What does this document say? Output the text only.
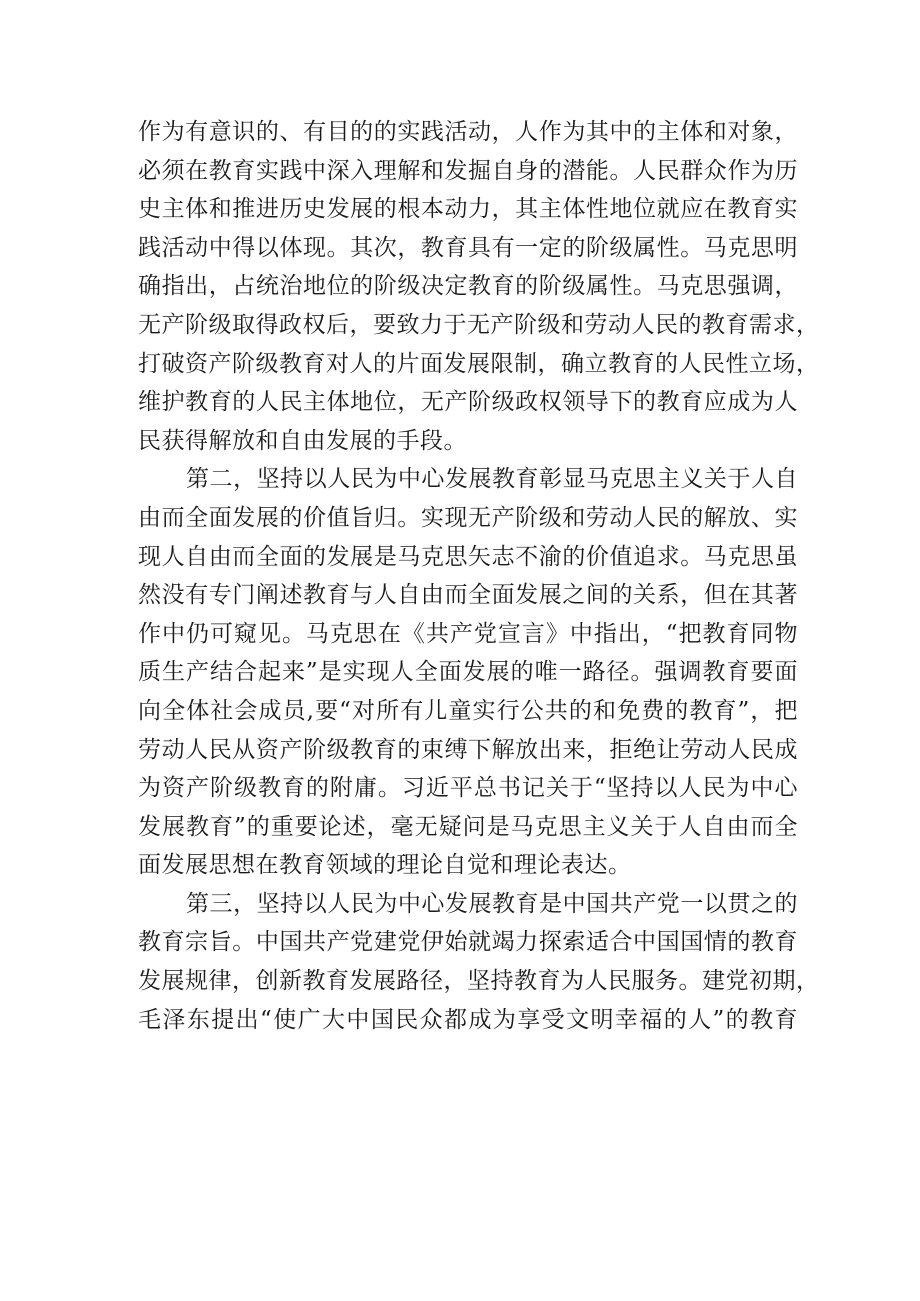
作为有意识的、有目的的实践活动，人作为其中的主体和对象，
必须在教育实践中深入理解和发掘自身的潜能。人民群众作为历
史主体和推进历史发展的根本动力，其主体性地位就应在教育实
践活动中得以体现。其次，教育具有一定的阶级属性。马克思明
确指出，占统治地位的阶级决定教育的阶级属性。马克思强调，
无产阶级取得政权后，要致力于无产阶级和劳动人民的教育需求，
打破资产阶级教育对人的片面发展限制，确立教育的人民性立场，
维护教育的人民主体地位，无产阶级政权领导下的教育应成为人
民获得解放和自由发展的手段。
第二，坚持以人民为中心发展教育彰显马克思主义关于人自
由而全面发展的价值旨归。实现无产阶级和劳动人民的解放、实
现人自由而全面的发展是马克思矢志不渝的价值追求。马克思虽
然没有专门阐述教育与人自由而全面发展之间的关系，但在其著
作中仍可窥见。马克思在《共产党宣言》中指出，“把教育同物
质生产结合起来”是实现人全面发展的唯一路径。强调教育要面
向全体社会成员,要“对所有儿童实行公共的和免费的教育”，把
劳动人民从资产阶级教育的束缚下解放出来，拒绝让劳动人民成
为资产阶级教育的附庸。习近平总书记关于“坚持以人民为中心
发展教育”的重要论述，毫无疑问是马克思主义关于人自由而全
面发展思想在教育领域的理论自觉和理论表达。
第三，坚持以人民为中心发展教育是中国共产党一以贯之的
教育宗旨。中国共产党建党伊始就竭力探索适合中国国情的教育
发展规律，创新教育发展路径，坚持教育为人民服务。建党初期，
毛泽东提出“使广大中国民众都成为享受文明幸福的人”的教育
